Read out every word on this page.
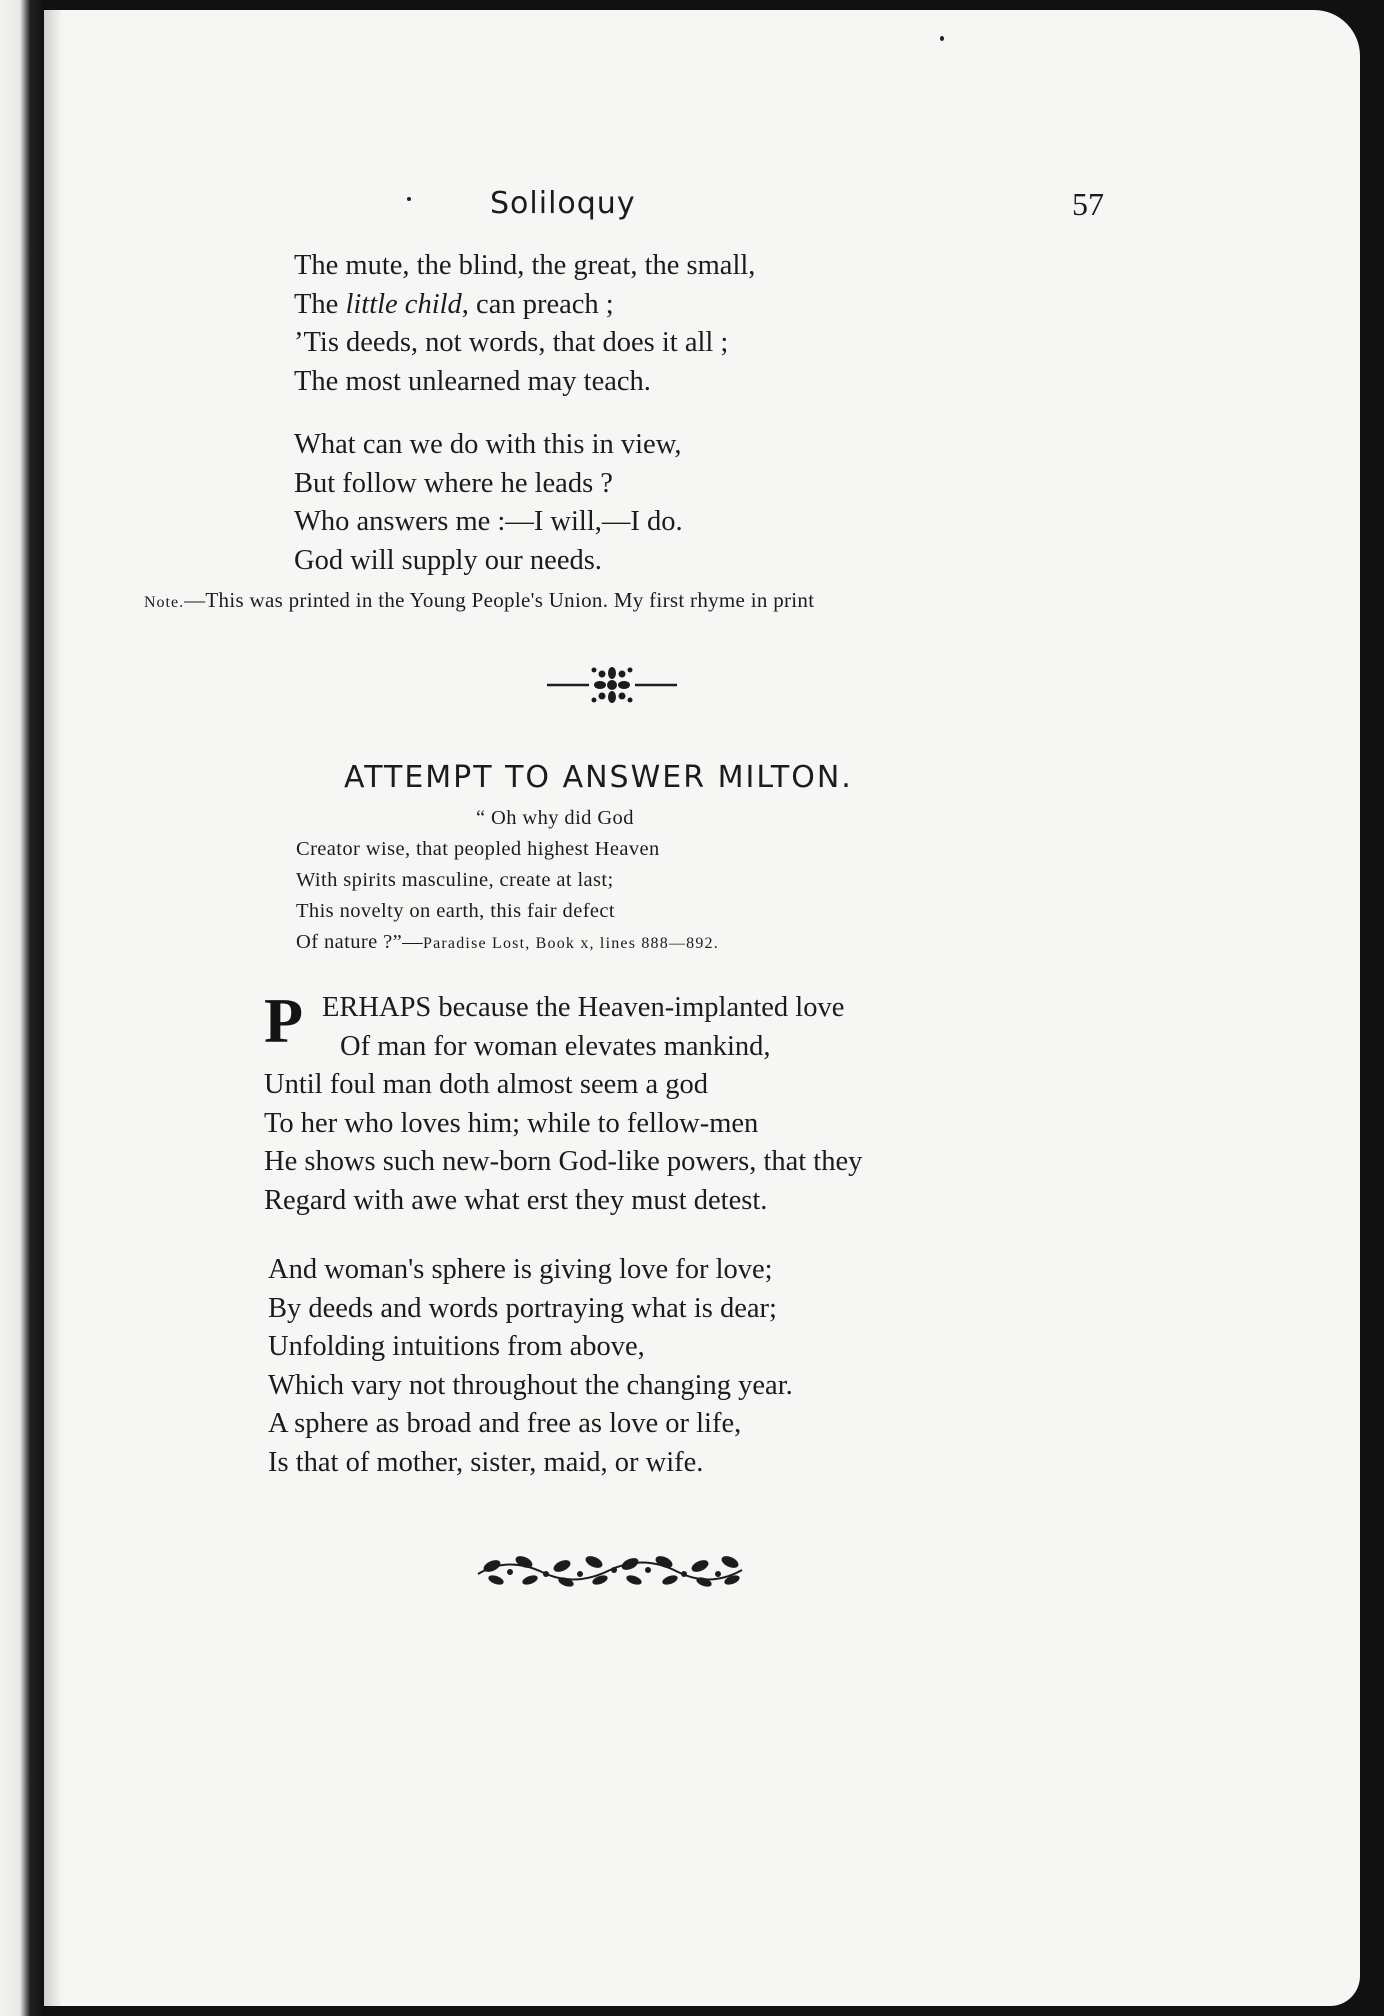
Soliloquy	57
The mute, the blind, the great, the small,
The little child, can preach ;
’Tis deeds, not words, that does it all ;
The most unlearned may teach.
What can we do with this in view,
But follow where he leads ?
Who answers me :—I will,—I do.
God will supply our needs.
Note.—This was printed in the Young People's Union. My first rhyme in print
ATTEMPT TO ANSWER MILTON.
“ Oh why did God
Creator wise, that peopled highest Heaven
With spirits masculine, create at last;
This novelty on earth, this fair defect
Of nature ?”—Paradise Lost, Book x, lines 888—892.
P ERHAPS because the Heaven-implanted love
Of man for woman elevates mankind,
Until foul man doth almost seem a god
To her who loves him; while to fellow-men
He shows such new-born God-like powers, that they
Regard with awe what erst they must detest.
And woman's sphere is giving love for love;
By deeds and words portraying what is dear;
Unfolding intuitions from above,
Which vary not throughout the changing year.
A sphere as broad and free as love or life,
Is that of mother, sister, maid, or wife.
